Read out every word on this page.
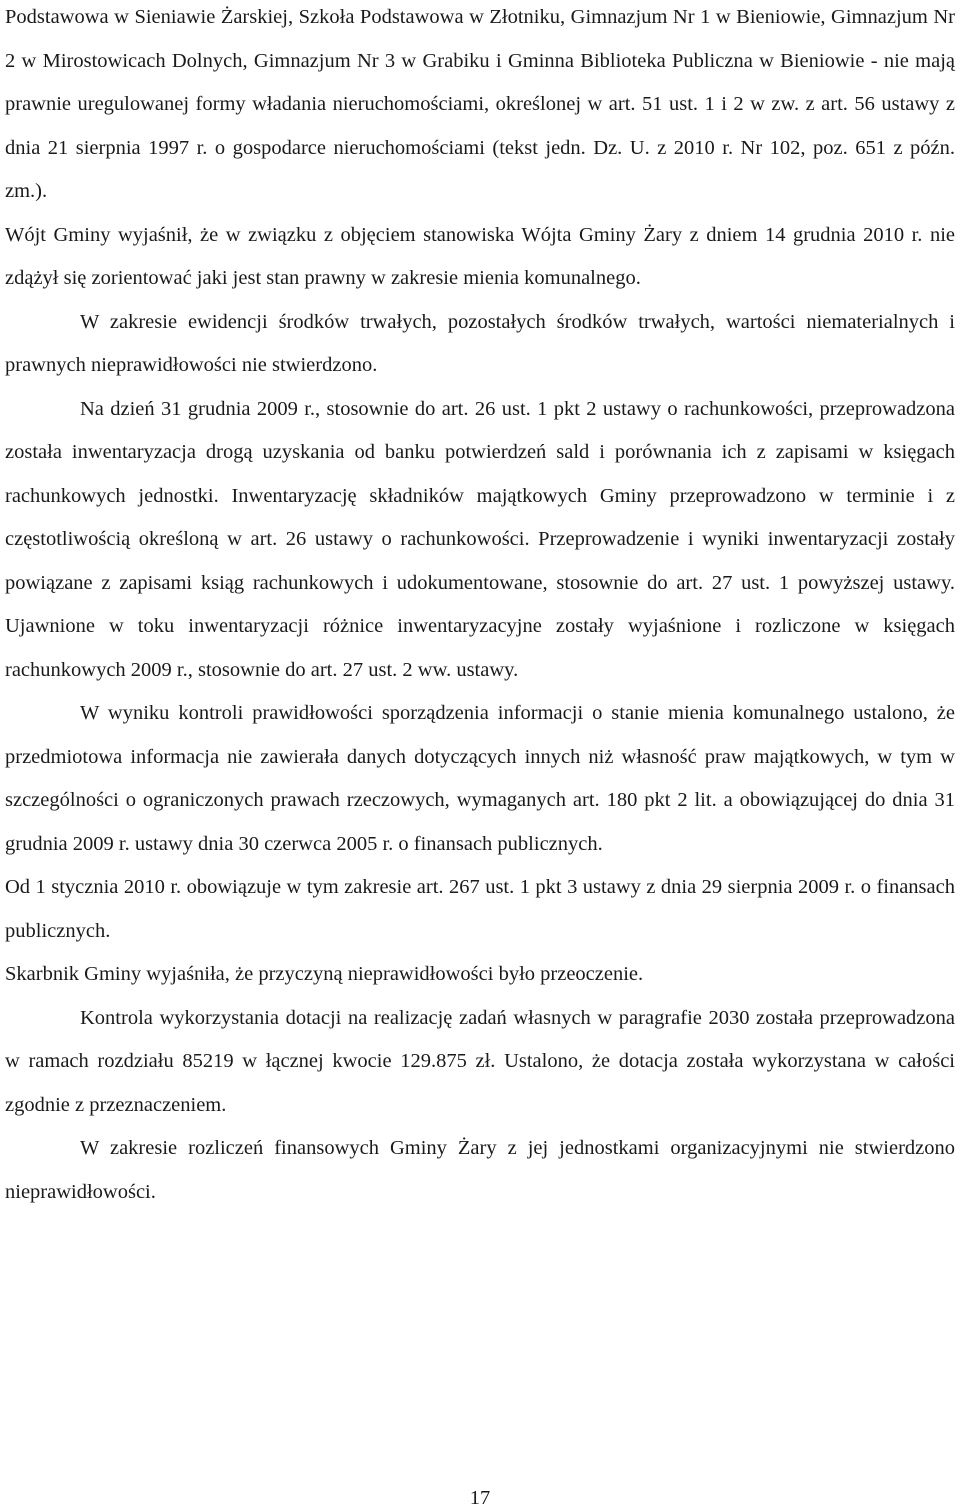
Podstawowa w Sieniawie Żarskiej, Szkoła Podstawowa w Złotniku, Gimnazjum Nr 1 w Bieniowie, Gimnazjum Nr 2 w Mirostowicach Dolnych, Gimnazjum Nr 3 w Grabiku i Gminna Biblioteka Publiczna w Bieniowie - nie mają prawnie uregulowanej formy władania nieruchomościami, określonej w art. 51 ust. 1 i 2 w zw. z art. 56 ustawy z dnia 21 sierpnia 1997 r. o gospodarce nieruchomościami (tekst jedn. Dz. U. z 2010 r. Nr 102, poz. 651 z późn. zm.).

Wójt Gminy wyjaśnił, że w związku z objęciem stanowiska Wójta Gminy Żary z dniem 14 grudnia 2010 r. nie zdążył się zorientować jaki jest stan prawny w zakresie mienia komunalnego.

W zakresie ewidencji środków trwałych, pozostałych środków trwałych, wartości niematerialnych i prawnych nieprawidłowości nie stwierdzono.

Na dzień 31 grudnia 2009 r., stosownie do art. 26 ust. 1 pkt 2 ustawy o rachunkowości, przeprowadzona została inwentaryzacja drogą uzyskania od banku potwierdzeń sald i porównania ich z zapisami w księgach rachunkowych jednostki. Inwentaryzację składników majątkowych Gminy przeprowadzono w terminie i z częstotliwością określoną w art. 26 ustawy o rachunkowości. Przeprowadzenie i wyniki inwentaryzacji zostały powiązane z zapisami ksiąg rachunkowych i udokumentowane, stosownie do art. 27 ust. 1 powyższej ustawy. Ujawnione w toku inwentaryzacji różnice inwentaryzacyjne zostały wyjaśnione i rozliczone w księgach rachunkowych 2009 r., stosownie do art. 27 ust. 2 ww. ustawy.

W wyniku kontroli prawidłowości sporządzenia informacji o stanie mienia komunalnego ustalono, że przedmiotowa informacja nie zawierała danych dotyczących innych niż własność praw majątkowych, w tym w szczególności o ograniczonych prawach rzeczowych, wymaganych art. 180 pkt 2 lit. a obowiązującej do dnia 31 grudnia 2009 r. ustawy dnia 30 czerwca 2005 r. o finansach publicznych.

Od 1 stycznia 2010 r. obowiązuje w tym zakresie art. 267 ust. 1 pkt 3 ustawy z dnia 29 sierpnia 2009 r. o finansach publicznych.

Skarbnik Gminy wyjaśniła, że przyczyną nieprawidłowości było przeoczenie.

Kontrola wykorzystania dotacji na realizację zadań własnych w paragrafie 2030 została przeprowadzona w ramach rozdziału 85219 w łącznej kwocie 129.875 zł. Ustalono, że dotacja została wykorzystana w całości zgodnie z przeznaczeniem.

W zakresie rozliczeń finansowych Gminy Żary z jej jednostkami organizacyjnymi nie stwierdzono nieprawidłowości.

17
